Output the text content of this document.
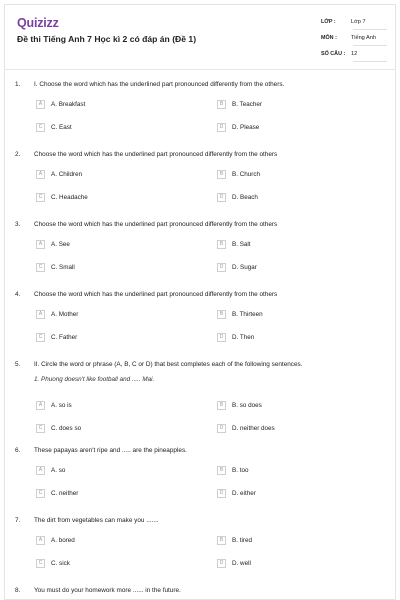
Quizizz
Đề thi Tiếng Anh 7 Học kì 2 có đáp án (Đề 1)
LỚP :	Lớp 7
MÔN :	Tiếng Anh
SỐ CÂU : 12
1. I. Choose the word which has the underlined part pronounced differently from the others.
A	A. Breakfast	B	B. Teacher
C	C. East	D	D. Please
2. Choose the word which has the underlined part pronounced differently from the others
A	A. Children	B	B. Church
C	C. Headache	D	D. Beach
3. Choose the word which has the underlined part pronounced differently from the others
A	A. See	B	B. Salt
C	C. Small	D	D. Sugar
4. Choose the word which has the underlined part pronounced differently from the others
A	A. Mother	B	B. Thirteen
C	C. Father	D	D. Then
5. II. Circle the word or phrase (A, B, C or D) that best completes each of the following sentences.
1. Phuong doesn't like football and ..... Mai.
A	A. so is	B	B. so does
C	C. does so	D	D. neither does
6. These papayas aren't ripe and ..... are the pineapples.
A	A. so	B	B. too
C	C. neither	D	D. either
7. The dirt from vegetables can make you .......
A	A. bored	B	B. tired
C	C. sick	D	D. well
8. You must do your homework more ...... in the future.
